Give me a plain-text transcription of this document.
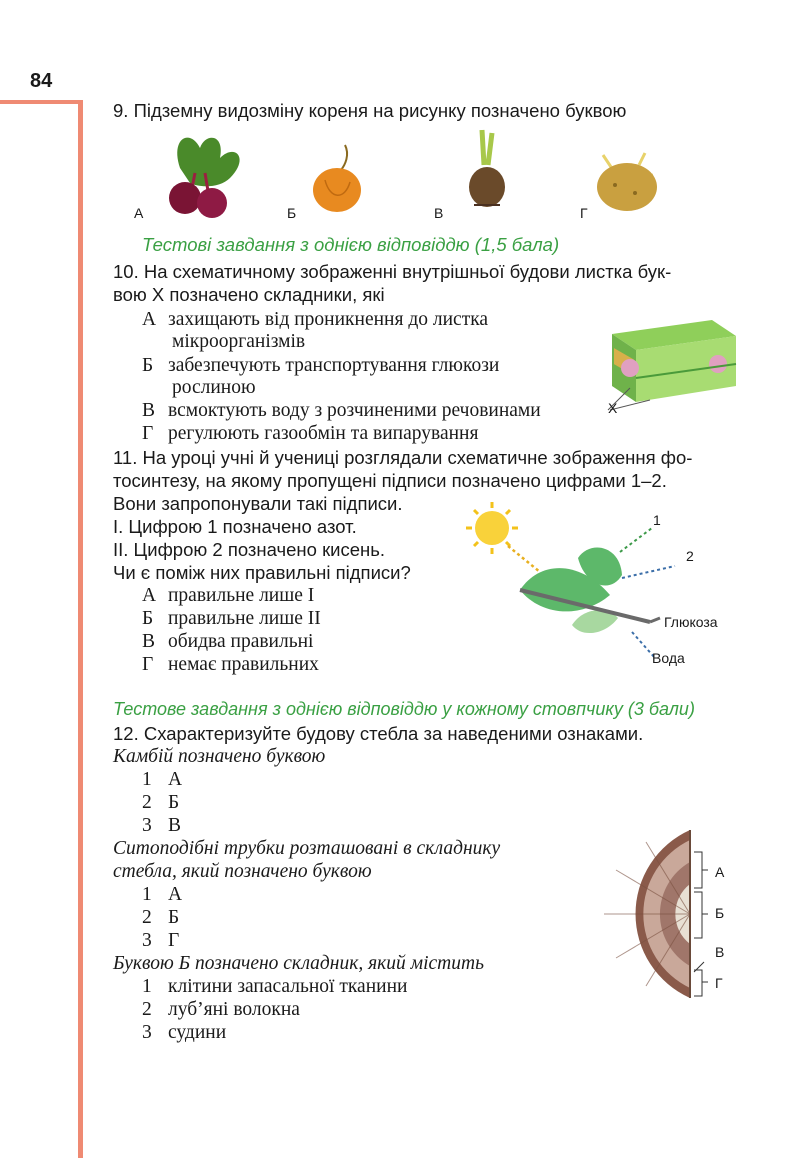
84
9. Підземну видозміну кореня на рисунку позначено буквою
А	Б	В	Г
Тестові завдання з однією відповіддю (1,5 бала)
10. На схематичному зображенні внутрішньої будови листка бук-
вою Х позначено складники, які
А захищають від проникнення до листка
мікроорганізмів
Б забезпечують транспортування глюкози
рослиною
В всмоктують воду з розчиненими речовинами
Г регулюють газообмін та випарування
Х
11. На уроці учні й учениці розглядали схематичне зображення фо-
тосинтезу, на якому пропущені підписи позначено цифрами 1–2.
Вони запропонували такі підписи.
І. Цифрою 1 позначено азот.
ІІ. Цифрою 2 позначено кисень.
Чи є поміж них правильні підписи?
А правильне лише І
Б правильне лише ІІ
В обидва правильні
Г немає правильних
1
2
Глюкоза
Вода
Тестове завдання з однією відповіддю у кожному стовпчику (3 бали)
12. Схарактеризуйте будову стебла за наведеними ознаками.
Камбій позначено буквою
1 А
2 Б
3 В
Ситоподібні трубки розташовані в складнику
стебла, який позначено буквою
1 А
2 Б
3 Г
Буквою Б позначено складник, який містить
1 клітини запасальної тканини
2 луб’яні волокна
3 судини
А
Б
В
Г
